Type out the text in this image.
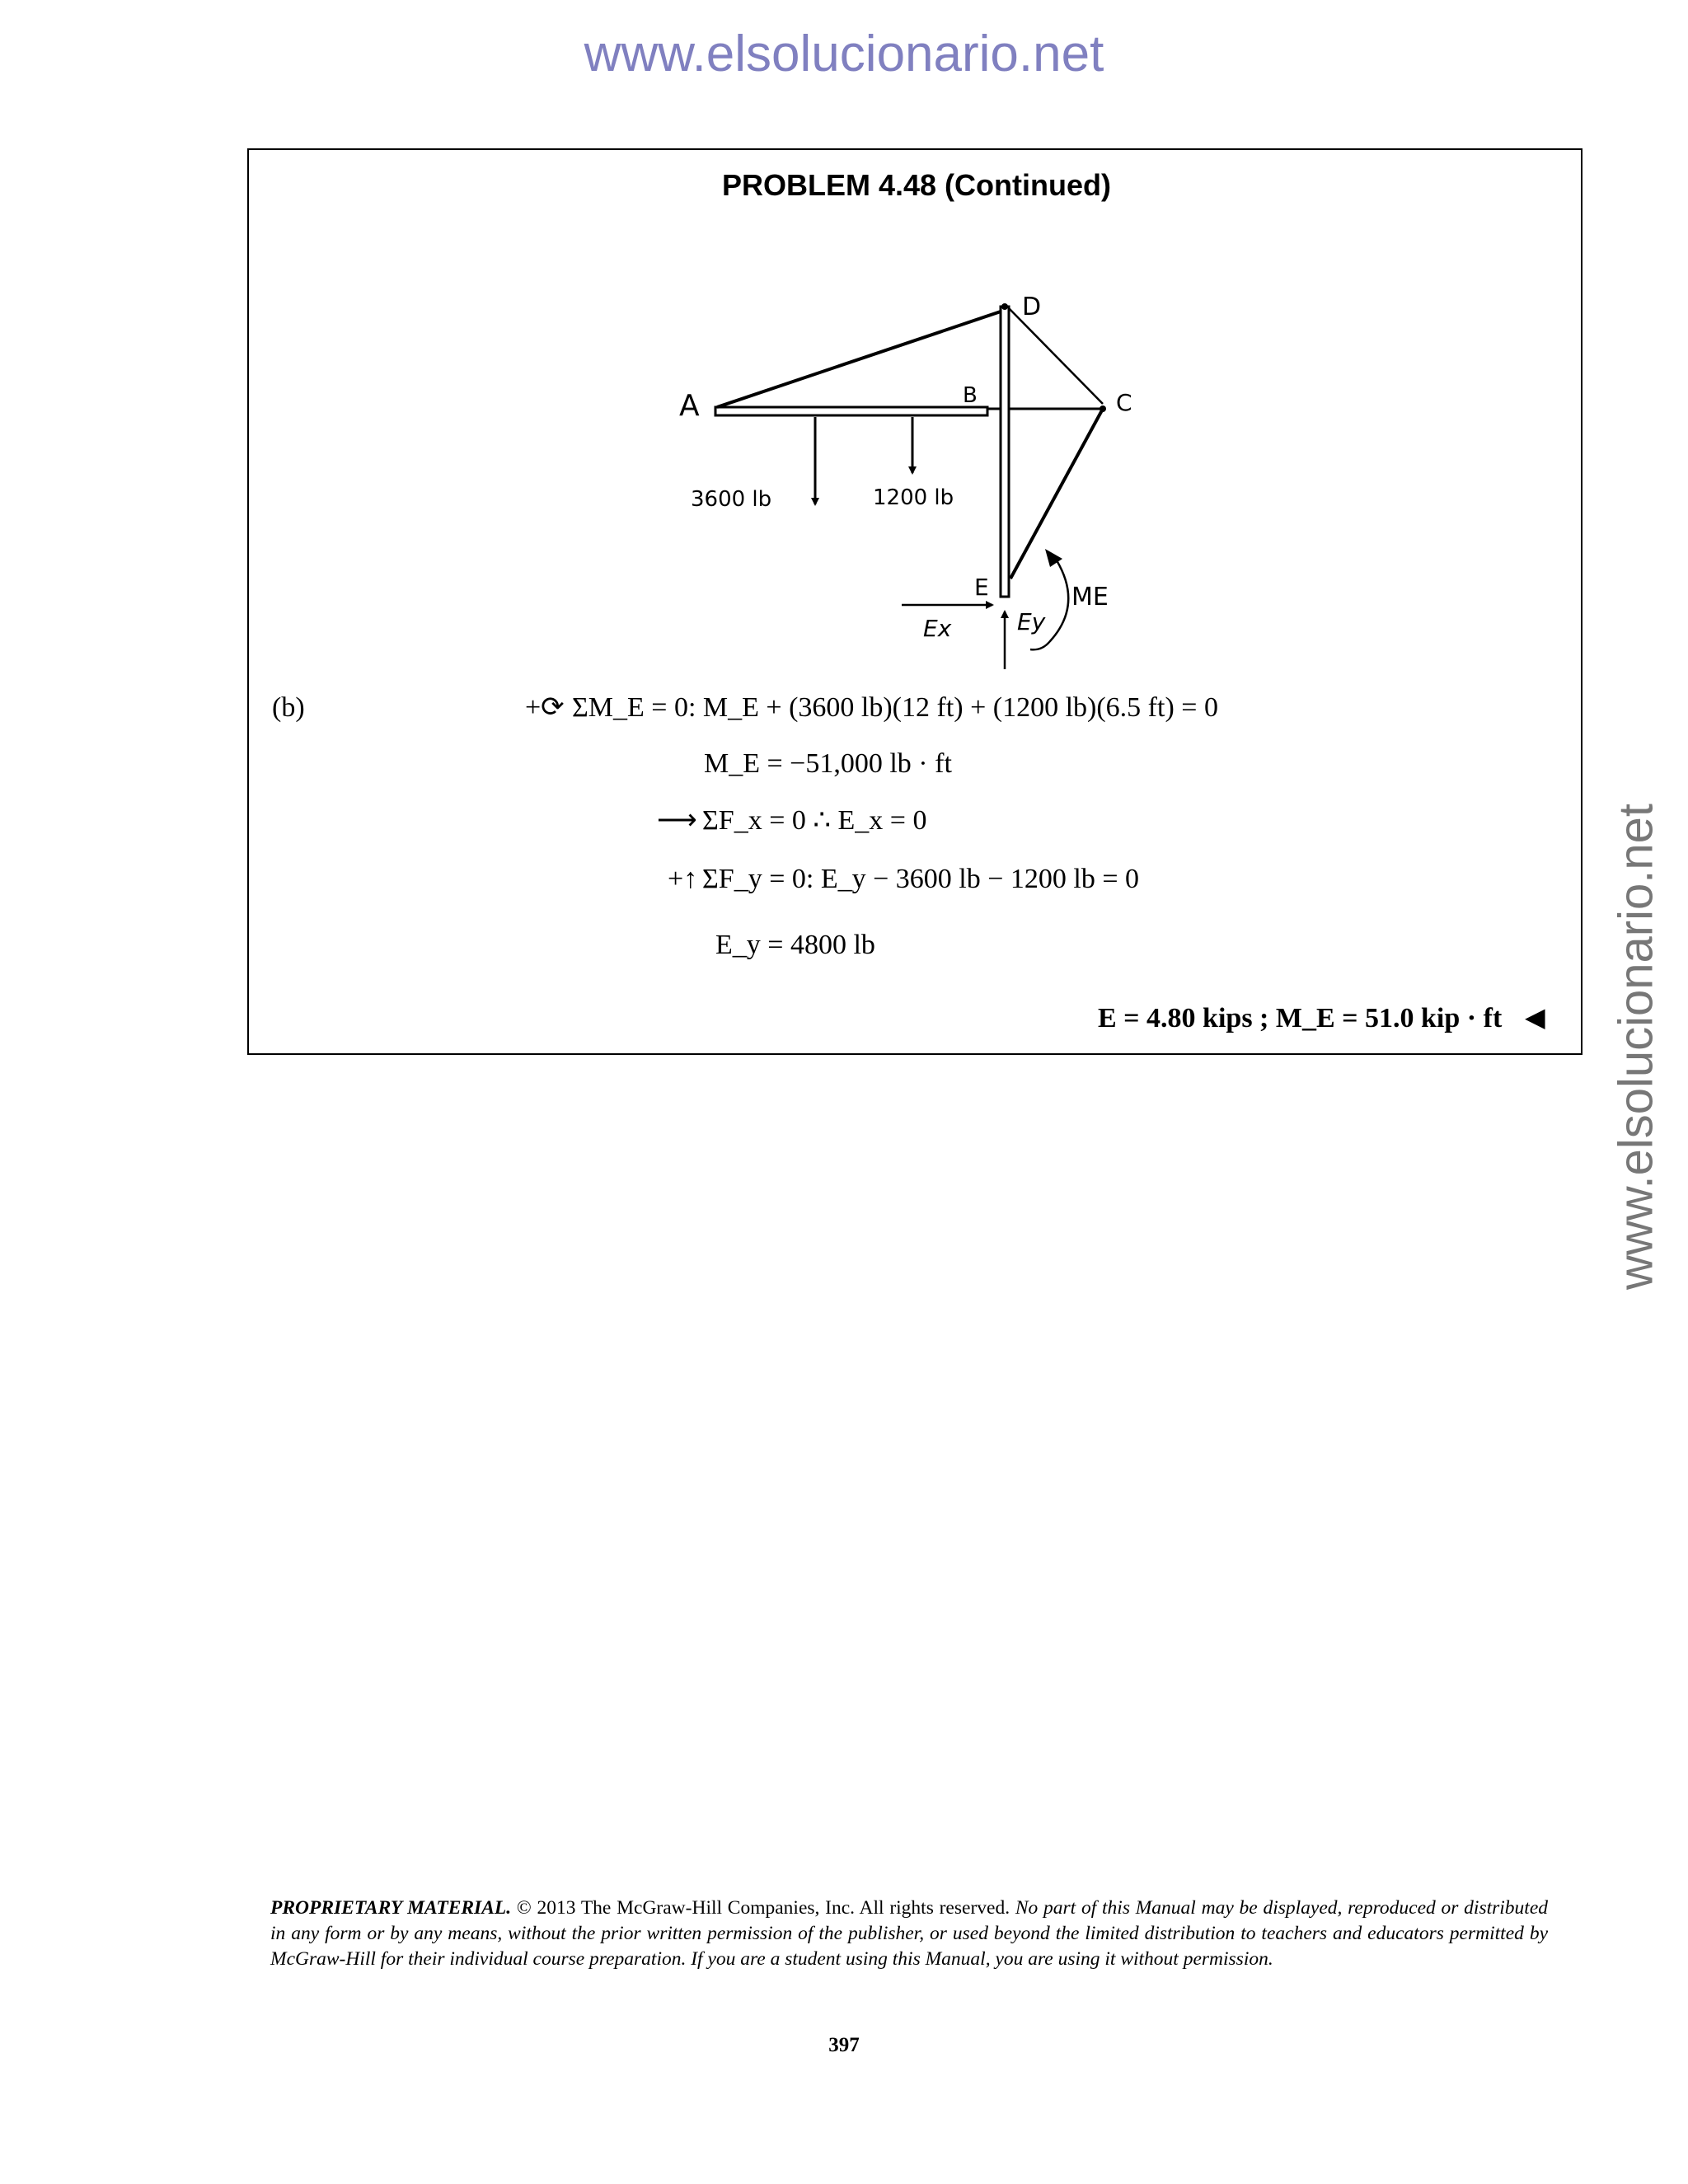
www.elsolucionario.net
www.elsolucionario.net
PROBLEM 4.48 (Continued)
A	B	C
D
E
3600 lb	1200 lb
Ex	Ey
ME
(b)	+⟳ ΣM_E = 0: M_E + (3600 lb)(12 ft) + (1200 lb)(6.5 ft) = 0
M_E = −51,000 lb · ft
⟶ ΣF_x = 0 ∴ E_x = 0
+↑ ΣF_y = 0: E_y − 3600 lb − 1200 lb = 0
E_y = 4800 lb
E = 4.80 kips ; M_E = 51.0 kip · ft ◀
PROPRIETARY MATERIAL. © 2013 The McGraw-Hill Companies, Inc. All rights reserved. No part of this Manual may be displayed, reproduced or distributed in any form or by any means, without the prior written permission of the publisher, or used beyond the limited distribution to teachers and educators permitted by McGraw-Hill for their individual course preparation. If you are a student using this Manual, you are using it without permission.
397
